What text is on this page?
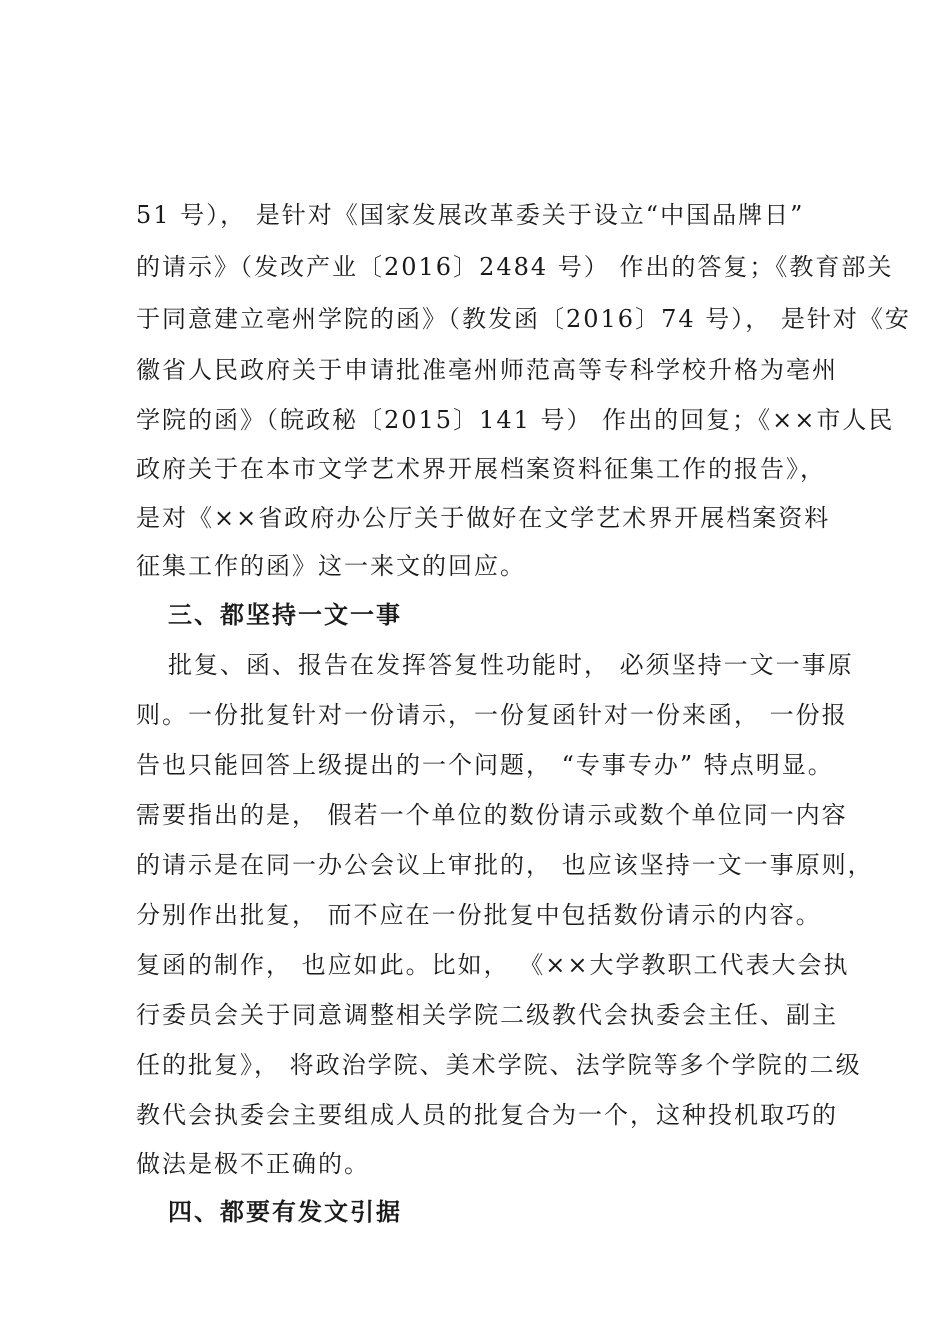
51 号）， 是针对《国家发展改革委关于设立“中国品牌日”
的请示》（发改产业〔2016〕2484 号） 作出的答复；《教育部关
于同意建立亳州学院的函》（教发函〔2016〕74 号）， 是针对《安
徽省人民政府关于申请批准亳州师范高等专科学校升格为亳州
学院的函》（皖政秘〔2015〕141 号） 作出的回复；《××市人民
政府关于在本市文学艺术界开展档案资料征集工作的报告》，
是对《××省政府办公厅关于做好在文学艺术界开展档案资料
征集工作的函》这一来文的回应。
三、都坚持一文一事
批复、函、报告在发挥答复性功能时， 必须坚持一文一事原
则。一份批复针对一份请示，一份复函针对一份来函， 一份报
告也只能回答上级提出的一个问题， “专事专办” 特点明显。
需要指出的是， 假若一个单位的数份请示或数个单位同一内容
的请示是在同一办公会议上审批的， 也应该坚持一文一事原则，
分别作出批复， 而不应在一份批复中包括数份请示的内容。
复函的制作， 也应如此。比如， 《××大学教职工代表大会执
行委员会关于同意调整相关学院二级教代会执委会主任、副主
任的批复》， 将政治学院、美术学院、法学院等多个学院的二级
教代会执委会主要组成人员的批复合为一个，这种投机取巧的
做法是极不正确的。
四、都要有发文引据
